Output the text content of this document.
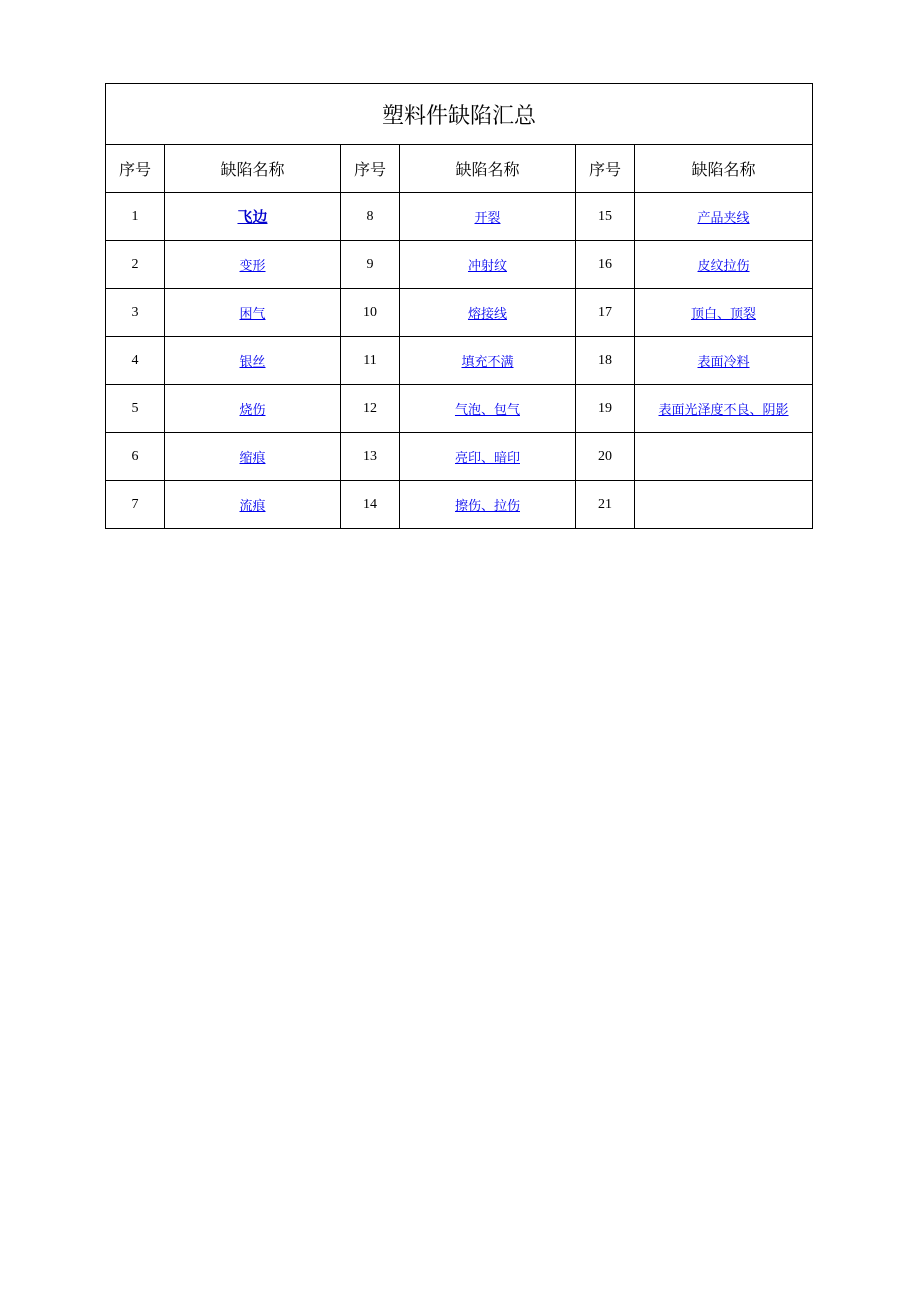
塑料件缺陷汇总					
序号	缺陷名称	序号	缺陷名称	序号	缺陷名称
1	飞边	8	开裂	15	产品夹线
2	变形	9	冲射纹	16	皮纹拉伤
3	困气	10	熔接线	17	顶白、顶裂
4	银丝	11	填充不满	18	表面冷料
5	烧伤	12	气泡、包气	19	表面光泽度不良、阴影
6	缩痕	13	亮印、暗印	20	
7	流痕	14	擦伤、拉伤	21	
